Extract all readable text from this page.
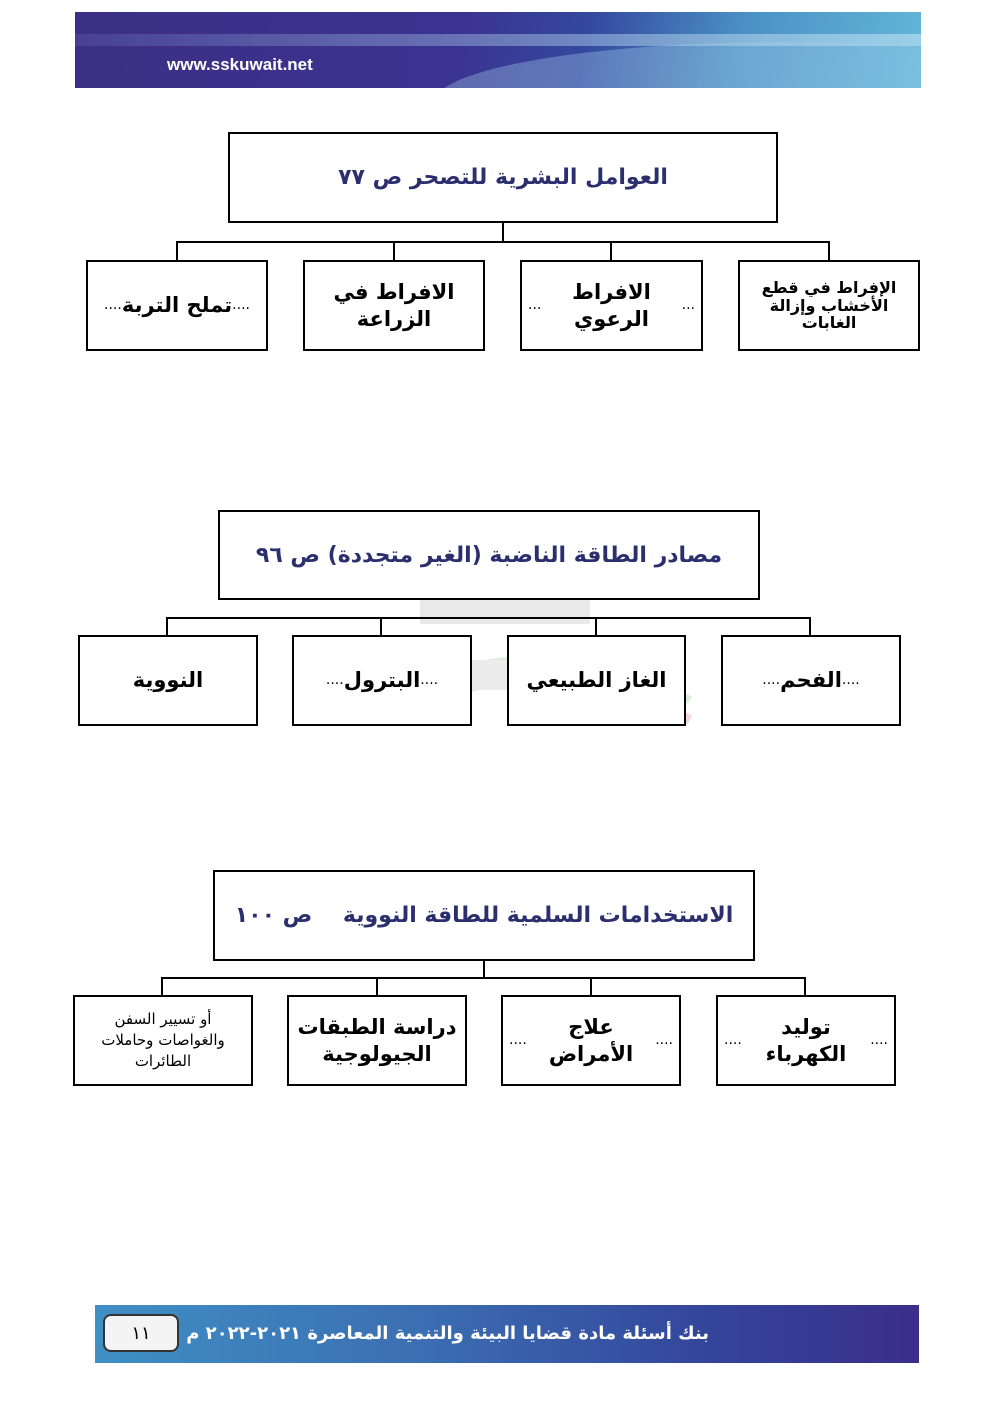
www.sskuwait.net
العوامل البشرية للتصحر ص ٧٧
الإفراط في قطع الأخشاب وإزالة الغابات
...
الافراط الرعوي
...
الافراط في الزراعة
....
تملح التربة
....
مصادر الطاقة الناضبة (الغير متجددة) ص ٩٦
....
الفحم
....
الغاز الطبيعي
....
البترول
....
النووية
الاستخدامات السلمية للطاقة النووية    ص ١٠٠
....
توليد الكهرباء
....
....
علاج الأمراض
....
دراسة الطبقات الجيولوجية
أو تسيير السفن والغواصات وحاملات الطائرات
١١ بنك أسئلة مادة قضايا البيئة والتنمية المعاصرة ٢٠٢١-٢٠٢٢ م
